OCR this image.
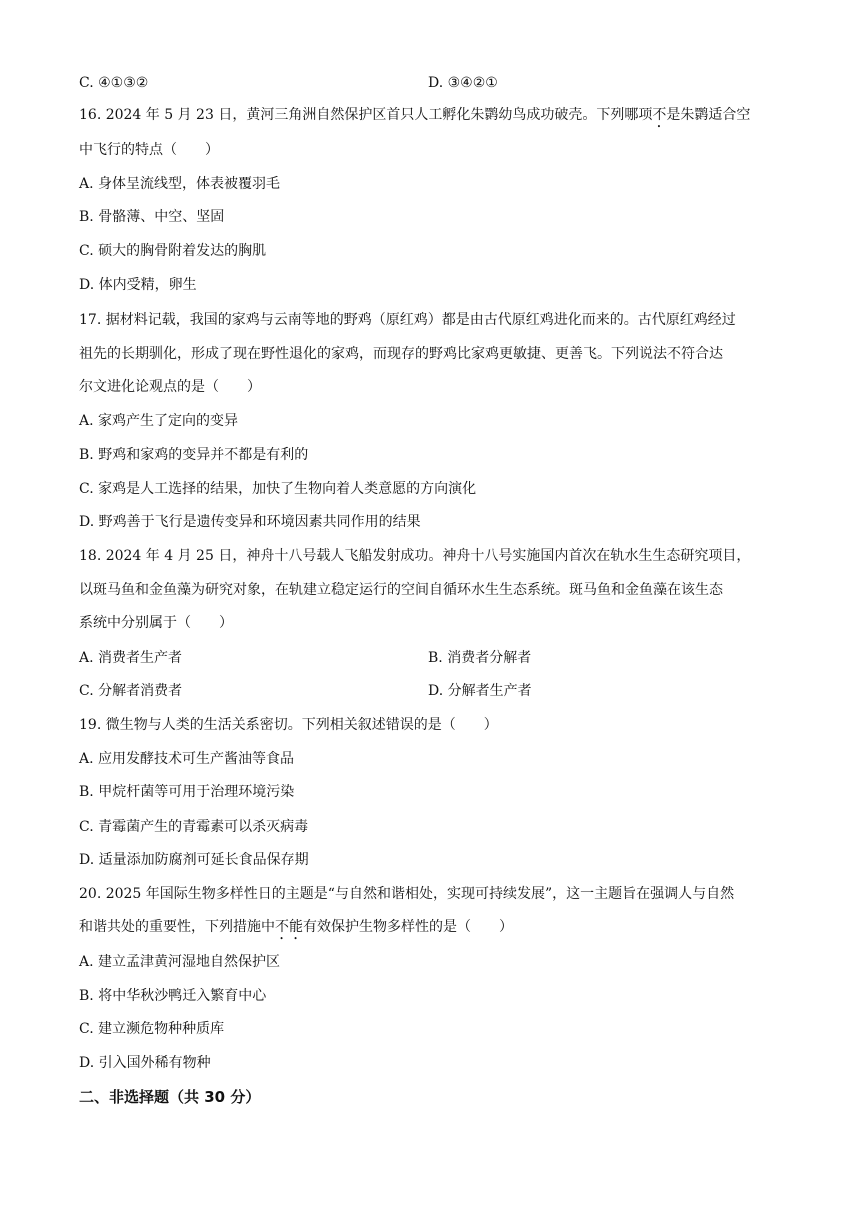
C. ④①③②	D. ③④②①
16. 2024 年 5 月 23 日，黄河三角洲自然保护区首只人工孵化朱鹮幼鸟成功破壳。下列哪项不是朱鹮适合空
中飞行的特点（　　）
A. 身体呈流线型，体表被覆羽毛
B. 骨骼薄、中空、坚固
C. 硕大的胸骨附着发达的胸肌
D. 体内受精，卵生
17. 据材料记载，我国的家鸡与云南等地的野鸡（原红鸡）都是由古代原红鸡进化而来的。古代原红鸡经过
祖先的长期驯化，形成了现在野性退化的家鸡，而现存的野鸡比家鸡更敏捷、更善飞。下列说法不符合达
尔文进化论观点的是（　　）
A. 家鸡产生了定向的变异
B. 野鸡和家鸡的变异并不都是有利的
C. 家鸡是人工选择的结果，加快了生物向着人类意愿的方向演化
D. 野鸡善于飞行是遗传变异和环境因素共同作用的结果
18. 2024 年 4 月 25 日，神舟十八号载人飞船发射成功。神舟十八号实施国内首次在轨水生生态研究项目，
以斑马鱼和金鱼藻为研究对象，在轨建立稳定运行的空间自循环水生生态系统。斑马鱼和金鱼藻在该生态
系统中分别属于（　　）
A. 消费者生产者	B. 消费者分解者
C. 分解者消费者	D. 分解者生产者
19. 微生物与人类的生活关系密切。下列相关叙述错误的是（　　）
A. 应用发酵技术可生产酱油等食品
B. 甲烷杆菌等可用于治理环境污染
C. 青霉菌产生的青霉素可以杀灭病毒
D. 适量添加防腐剂可延长食品保存期
20. 2025 年国际生物多样性日的主题是“与自然和谐相处，实现可持续发展”，这一主题旨在强调人与自然
和谐共处的重要性，下列措施中不能有效保护生物多样性的是（　　）
A. 建立孟津黄河湿地自然保护区
B. 将中华秋沙鸭迁入繁育中心
C. 建立濒危物种种质库
D. 引入国外稀有物种
二、非选择题（共 30 分）
